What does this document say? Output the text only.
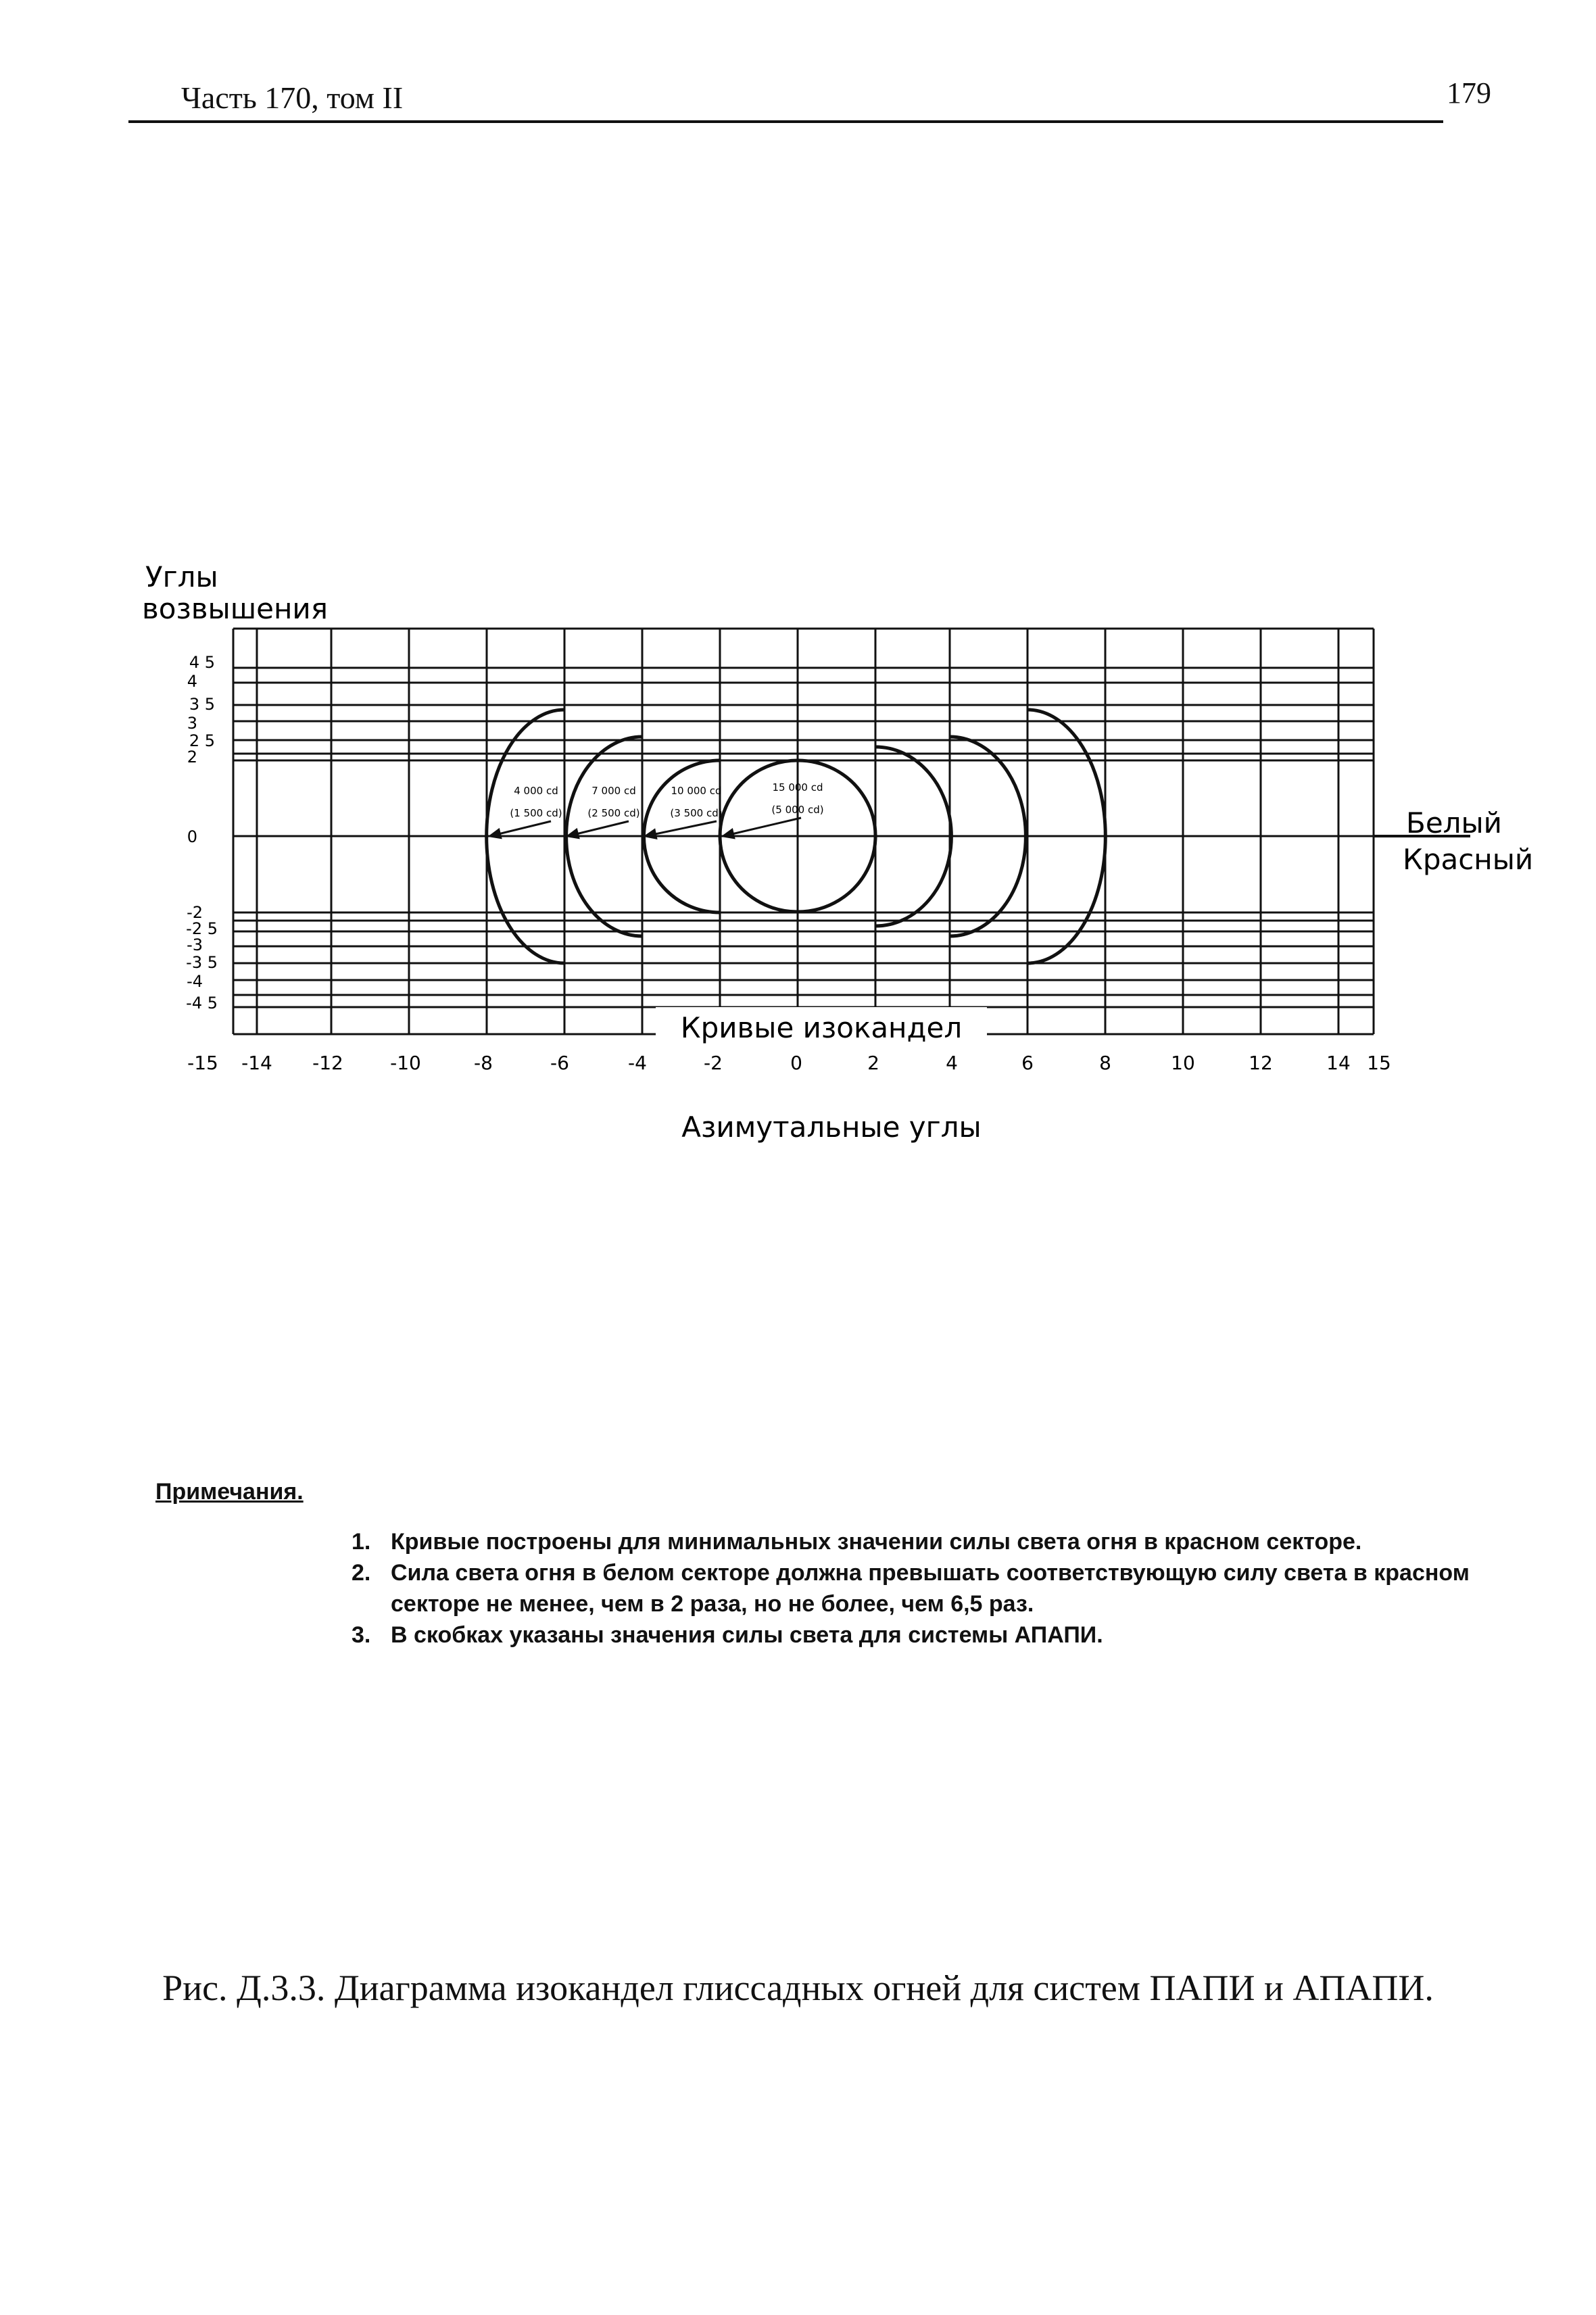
Часть 170, том II	179
Углы
возвышения
Кривые изокандел
Белый
Красный
Азимутальные углы
-15 -14 -12 -10	-8	-6	-4	-2	0	2	4	6	8	10	12	14 15
4 5
4
3 5
3
2 5
2
0
-2
-2 5
-3
-3 5
-4
-4 5
4 000 cd
(1 500 cd)
7 000 cd
(2 500 cd)
10 000 cd
(3 500 cd)
15 000 cd
(5 000 cd)
Примечания.

1. Кривые построены для минимальных значении силы света огня в красном секторе.

2. Сила света огня в белом секторе должна превышать соответствующую силу света в красном секторе не менее, чем в 2 раза, но не более, чем 6,5 раз.

3. В скобках указаны значения силы света для системы АПАПИ.

Рис. Д.3.3. Диаграмма изокандел глиссадных огней для систем ПАПИ и АПАПИ.
